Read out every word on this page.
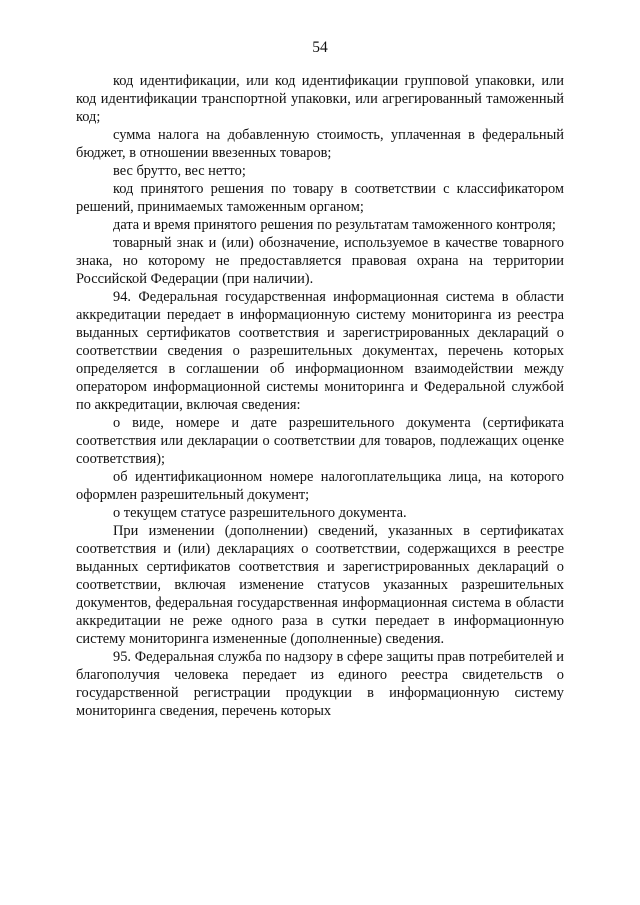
54

код идентификации, или код идентификации групповой упаковки, или код идентификации транспортной упаковки, или агрегированный таможенный код;

сумма налога на добавленную стоимость, уплаченная в федеральный бюджет, в отношении ввезенных товаров;

вес брутто, вес нетто;

код принятого решения по товару в соответствии с классификатором решений, принимаемых таможенным органом;

дата и время принятого решения по результатам таможенного контроля;

товарный знак и (или) обозначение, используемое в качестве товарного знака, но которому не предоставляется правовая охрана на территории Российской Федерации (при наличии).

94. Федеральная государственная информационная система в области аккредитации передает в информационную систему мониторинга из реестра выданных сертификатов соответствия и зарегистрированных деклараций о соответствии сведения о разрешительных документах, перечень которых определяется в соглашении об информационном взаимодействии между оператором информационной системы мониторинга и Федеральной службой по аккредитации, включая сведения:

о виде, номере и дате разрешительного документа (сертификата соответствия или декларации о соответствии для товаров, подлежащих оценке соответствия);

об идентификационном номере налогоплательщика лица, на которого оформлен разрешительный документ;

о текущем статусе разрешительного документа.

При изменении (дополнении) сведений, указанных в сертификатах соответствия и (или) декларациях о соответствии, содержащихся в реестре выданных сертификатов соответствия и зарегистрированных деклараций о соответствии, включая изменение статусов указанных разрешительных документов, федеральная государственная информационная система в области аккредитации не реже одного раза в сутки передает в информационную систему мониторинга измененные (дополненные) сведения.

95. Федеральная служба по надзору в сфере защиты прав потребителей и благополучия человека передает из единого реестра свидетельств о государственной регистрации продукции в информационную систему мониторинга сведения, перечень которых
